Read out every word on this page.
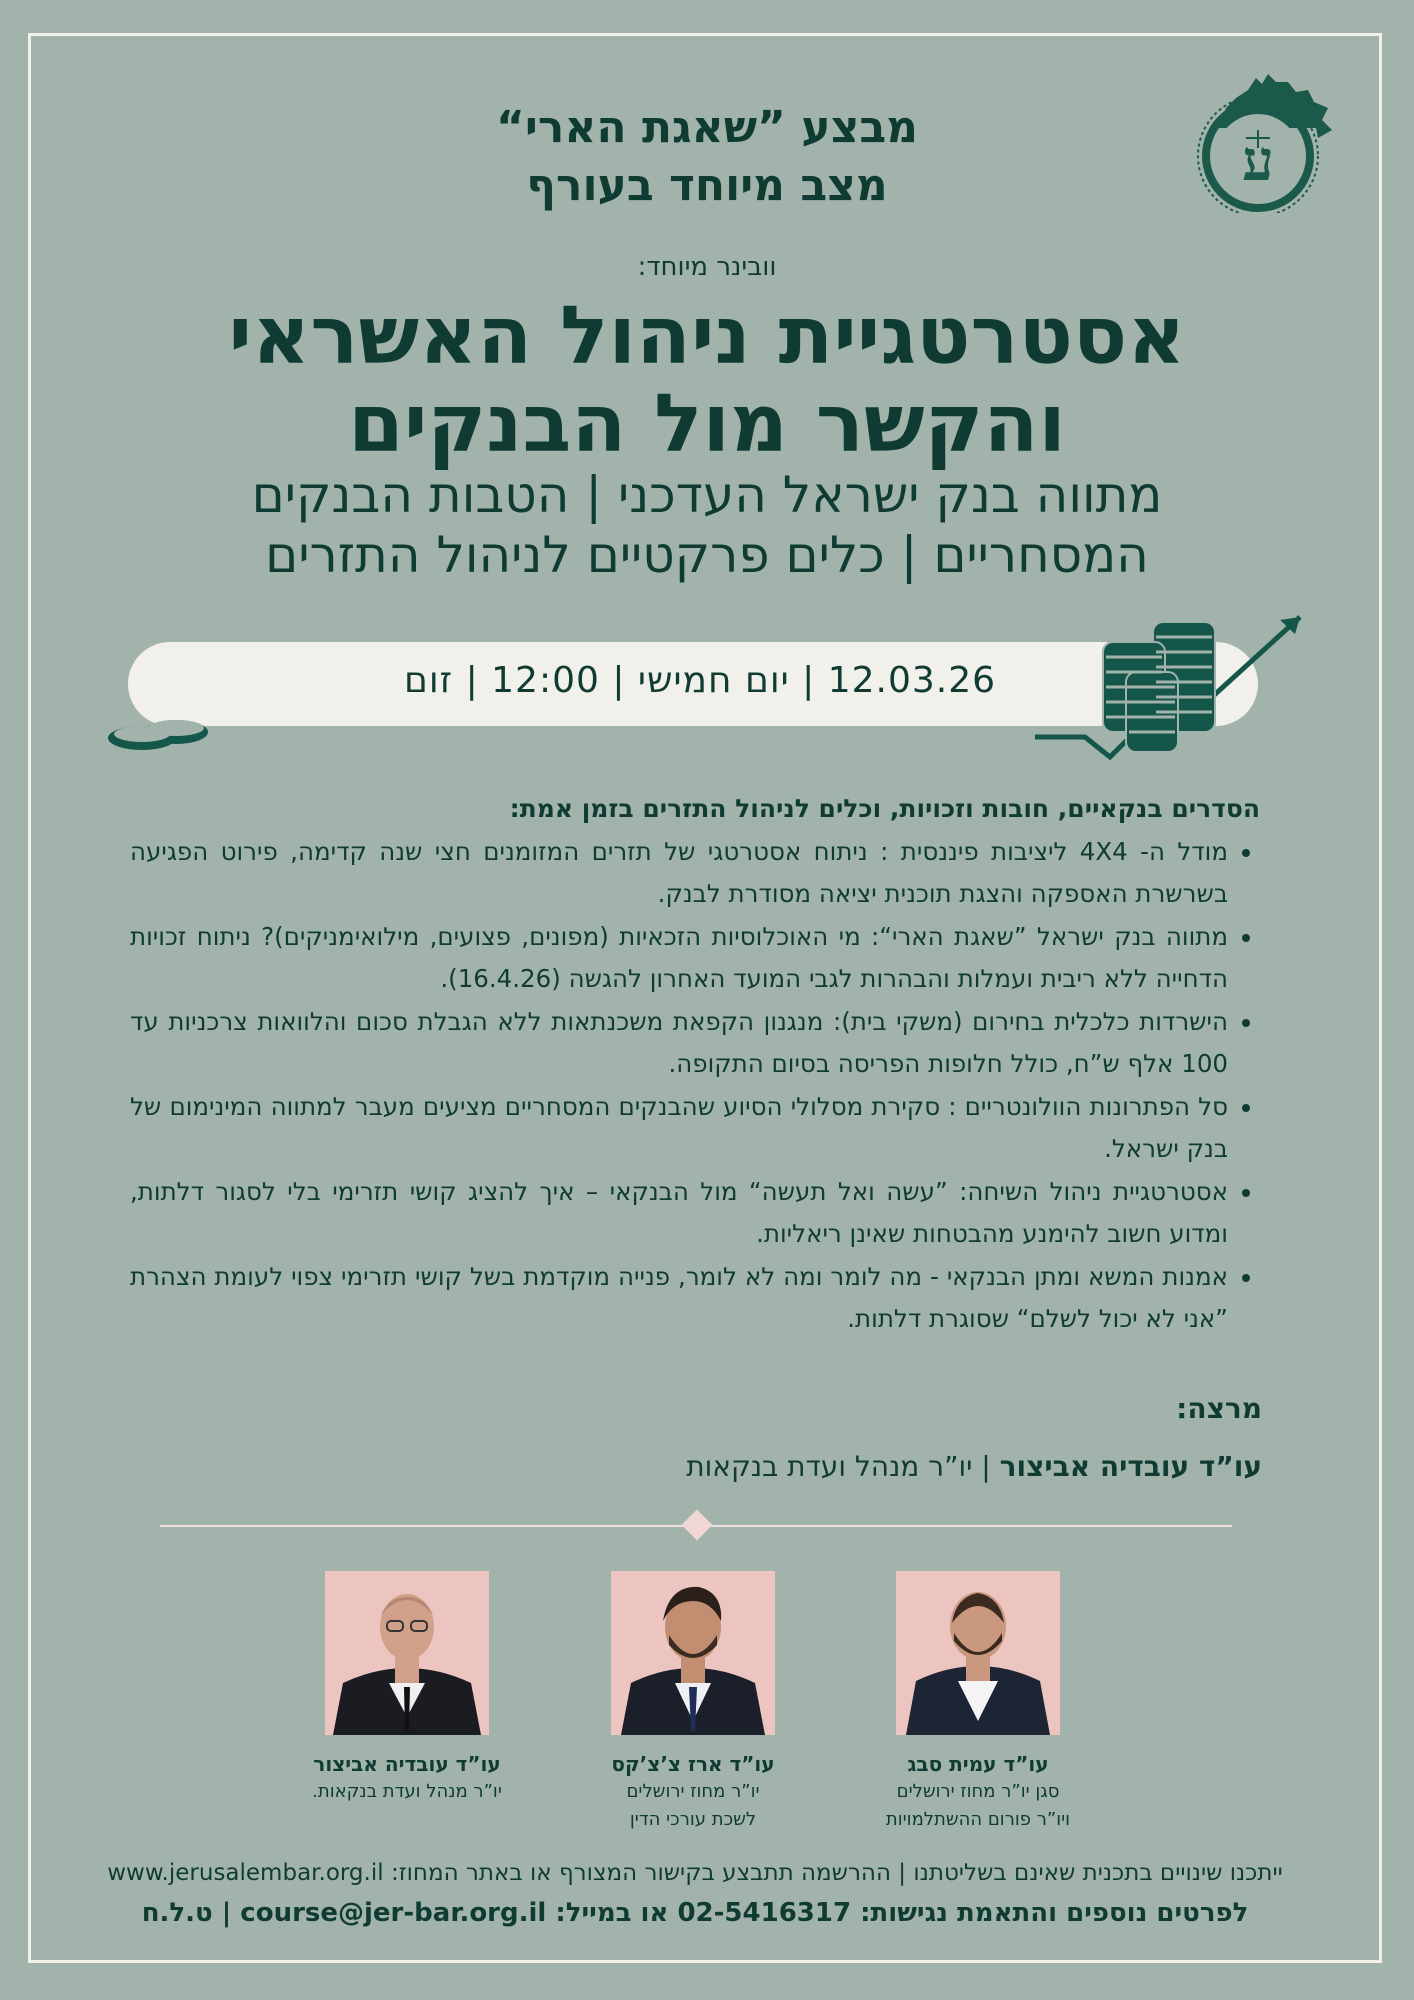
ע
מבצע ”שאגת הארי“
מצב מיוחד בעורף
וובינר מיוחד:
אסטרטגיית ניהול האשראי
והקשר מול הבנקים
מתווה בנק ישראל העדכני | הטבות הבנקים
המסחריים | כלים פרקטיים לניהול התזרים
12.03.26 | יום חמישי | 12:00 | זום
הסדרים בנקאיים, חובות וזכויות, וכלים לניהול התזרים בזמן אמת:
• מודל ה- 4X4 ליציבות פיננסית : ניתוח אסטרטגי של תזרים המזומנים חצי שנה קדימה, פירוט הפגיעה בשרשרת האספקה והצגת תוכנית יציאה מסודרת לבנק.
• מתווה בנק ישראל ”שאגת הארי“: מי האוכלוסיות הזכאיות (מפונים, פצועים, מילואימניקים)? ניתוח זכויות הדחייה ללא ריבית ועמלות והבהרות לגבי המועד האחרון להגשה (16.4.26).
• הישרדות כלכלית בחירום (משקי בית): מנגנון הקפאת משכנתאות ללא הגבלת סכום והלוואות צרכניות עד 100 אלף ש”ח, כולל חלופות הפריסה בסיום התקופה.
• סל הפתרונות הוולונטריים : סקירת מסלולי הסיוע שהבנקים המסחריים מציעים מעבר למתווה המינימום של בנק ישראל.
• אסטרטגיית ניהול השיחה: ”עשה ואל תעשה“ מול הבנקאי – איך להציג קושי תזרימי בלי לסגור דלתות, ומדוע חשוב להימנע מהבטחות שאינן ריאליות.
• אמנות המשא ומתן הבנקאי - מה לומר ומה לא לומר, פנייה מוקדמת בשל קושי תזרימי צפוי לעומת הצהרת ”אני לא יכול לשלם“ שסוגרת דלתות.
מרצה:
עו”ד עובדיה אביצור | יו”ר מנהל ועדת בנקאות
עו”ד עמית סבג
סגן יו”ר מחוז ירושלים
ויו”ר פורום ההשתלמויות
עו”ד ארז צ’צ’קס
יו”ר מחוז ירושלים
לשכת עורכי הדין
עו”ד עובדיה אביצור
יו”ר מנהל ועדת בנקאות.
ייתכנו שינויים בתכנית שאינם בשליטתנו | ההרשמה תתבצע בקישור המצורף או באתר המחוז: www.jerusalembar.org.il
לפרטים נוספים והתאמת נגישות: 02-5416317 או במייל: course@jer-bar.org.il | ט.ל.ח
